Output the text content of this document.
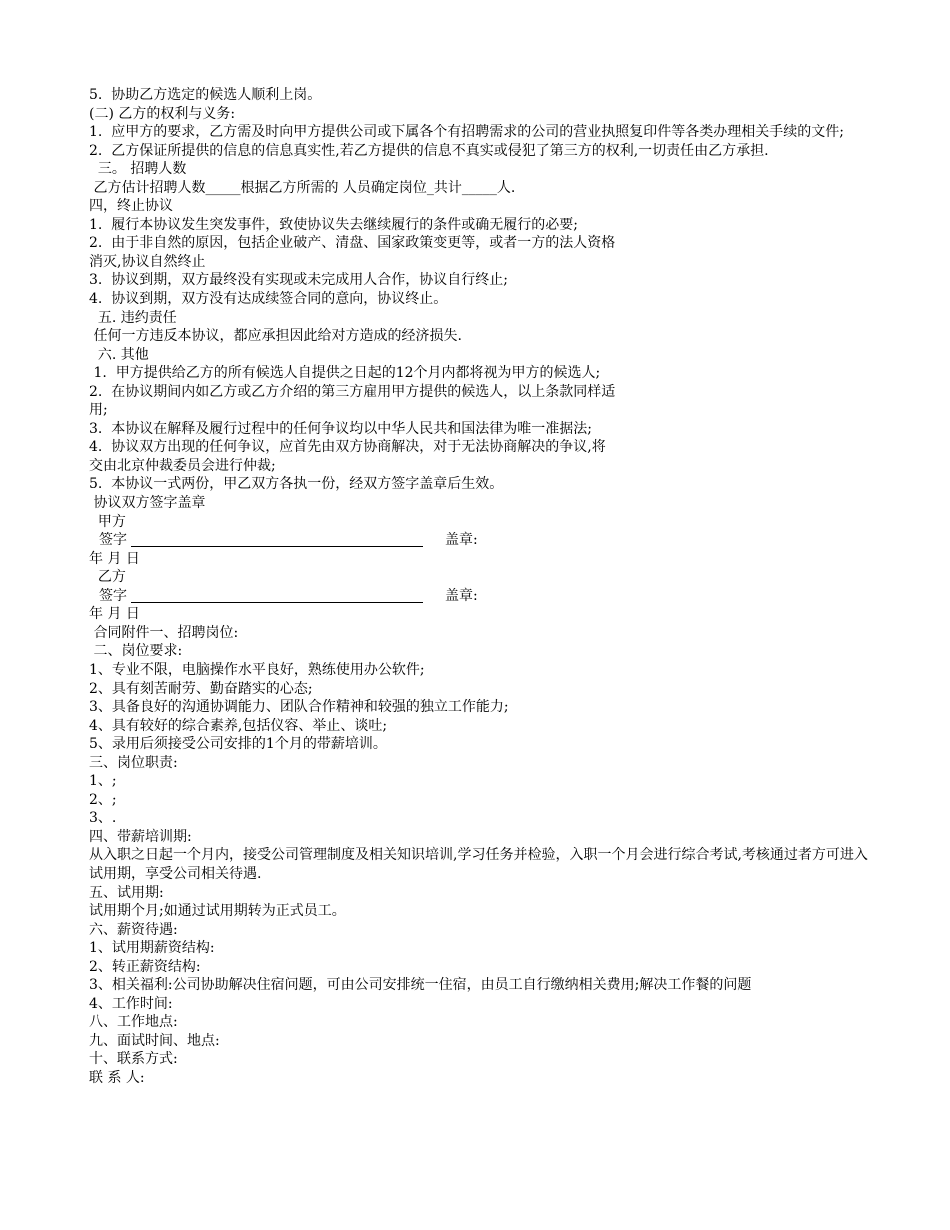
5.  协助乙方选定的候选人顺利上岗。
(二) 乙方的权利与义务:
1.  应甲方的要求，乙方需及时向甲方提供公司或下属各个有招聘需求的公司的营业执照复印件等各类办理相关手续的文件;
2.  乙方保证所提供的信息的信息真实性,若乙方提供的信息不真实或侵犯了第三方的权利,一切责任由乙方承担.
三。 招聘人数
乙方估计招聘人数_____根据乙方所需的 人员确定岗位_共计_____人.
四，终止协议
1.  履行本协议发生突发事件，致使协议失去继续履行的条件或确无履行的必要;
2.  由于非自然的原因，包括企业破产、清盘、国家政策变更等，或者一方的法人资格
消灭,协议自然终止
3.  协议到期，双方最终没有实现或未完成用人合作，协议自行终止;
4.  协议到期，双方没有达成续签合同的意向，协议终止。
五. 违约责任
任何一方违反本协议，都应承担因此给对方造成的经济损失.
六. 其他
1.  甲方提供给乙方的所有候选人自提供之日起的12个月内都将视为甲方的候选人;
2.  在协议期间内如乙方或乙方介绍的第三方雇用甲方提供的候选人，以上条款同样适
用;
3.  本协议在解释及履行过程中的任何争议均以中华人民共和国法律为唯一准据法;
4.  协议双方出现的任何争议，应首先由双方协商解决，对于无法协商解决的争议,将
交由北京仲裁委员会进行仲裁;
5.  本协议一式两份，甲乙双方各执一份，经双方签字盖章后生效。
协议双方签字盖章
甲方
签字	盖章:
年 月 日
乙方
签字	盖章:
年 月 日
合同附件一、招聘岗位:
二、岗位要求:
1、专业不限，电脑操作水平良好，熟练使用办公软件;
2、具有刻苦耐劳、勤奋踏实的心态;
3、具备良好的沟通协调能力、团队合作精神和较强的独立工作能力;
4、具有较好的综合素养,包括仪容、举止、谈吐;
5、录用后须接受公司安排的1个月的带薪培训。
三、岗位职责:
1、;
2、;
3、.
四、带薪培训期:
从入职之日起一个月内，接受公司管理制度及相关知识培训,学习任务并检验，入职一个月会进行综合考试,考核通过者方可进入试用期，享受公司相关待遇.
五、试用期:
试用期个月;如通过试用期转为正式员工。
六、薪资待遇:
1、试用期薪资结构:
2、转正薪资结构:
3、相关福利:公司协助解决住宿问题，可由公司安排统一住宿，由员工自行缴纳相关费用;解决工作餐的问题
4、工作时间:
八、工作地点:
九、面试时间、地点:
十、联系方式:
联 系 人:
